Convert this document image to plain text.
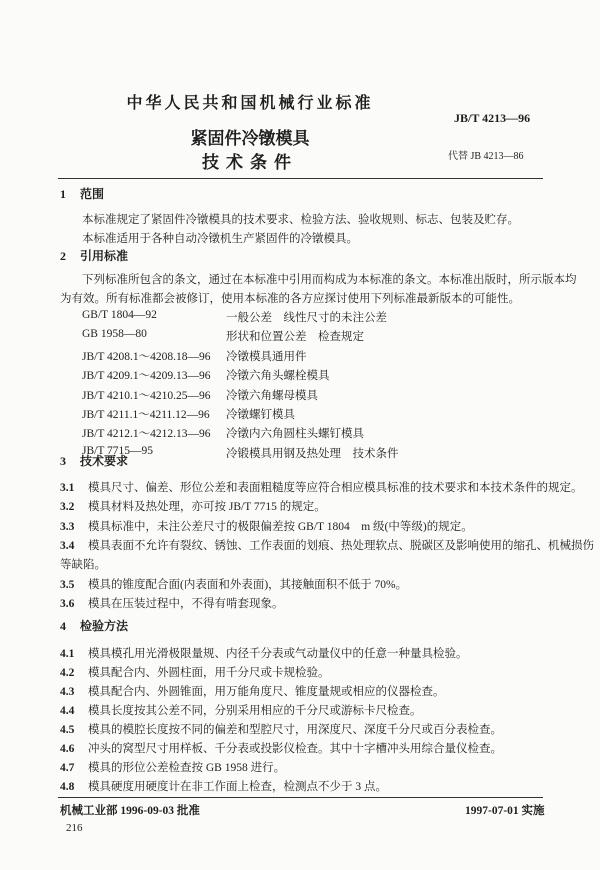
中华人民共和国机械行业标准
JB/T 4213—96
紧固件冷镦模具
技术条件	代替 JB 4213—86
1 范围
本标准规定了紧固件冷镦模具的技术要求、检验方法、验收规则、标志、包装及贮存。
本标准适用于各种自动冷镦机生产紧固件的冷镦模具。
2 引用标准
下列标准所包含的条文，通过在本标准中引用而构成为本标准的条文。本标准出版时，所示版本均
为有效。所有标准都会被修订，使用本标准的各方应探讨使用下列标准最新版本的可能性。
GB/T 1804—92	一般公差　线性尺寸的未注公差
GB 1958—80	形状和位置公差　检查规定
JB/T 4208.1～4208.18—96 冷镦模具通用件
JB/T 4209.1～4209.13—96 冷镦六角头螺栓模具
JB/T 4210.1～4210.25—96 冷镦六角螺母模具
JB/T 4211.1～4211.12—96 冷镦螺钉模具
JB/T 4212.1～4212.13—96 冷镦内六角圆柱头螺钉模具
JB/T 7715—95	冷锻模具用钢及热处理　技术条件
3 技术要求
3.1 模具尺寸、偏差、形位公差和表面粗糙度等应符合相应模具标准的技术要求和本技术条件的规定。
3.2 模具材料及热处理，亦可按 JB/T 7715 的规定。
3.3 模具标准中，未注公差尺寸的极限偏差按 GB/T 1804　m 级(中等级)的规定。
3.4 模具表面不允许有裂纹、锈蚀、工作表面的划痕、热处理软点、脱碳区及影响使用的缩孔、机械损伤
等缺陷。
3.5 模具的锥度配合面(内表面和外表面)，其接触面积不低于 70%。
3.6 模具在压装过程中，不得有啃套现象。
4 检验方法
4.1 模具模孔用光滑极限量规、内径千分表或气动量仪中的任意一种量具检验。
4.2 模具配合内、外圆柱面，用千分尺或卡规检验。
4.3 模具配合内、外圆锥面，用万能角度尺、锥度量规或相应的仪器检查。
4.4 模具长度按其公差不同，分别采用相应的千分尺或游标卡尺检查。
4.5 模具的模腔长度按不同的偏差和型腔尺寸，用深度尺、深度千分尺或百分表检查。
4.6 冲头的窝型尺寸用样板、千分表或投影仪检查。其中十字槽冲头用综合量仪检查。
4.7 模具的形位公差检查按 GB 1958 进行。
4.8 模具硬度用硬度计在非工作面上检查，检测点不少于 3 点。
机械工业部 1996-09-03 批准	1997-07-01 实施
216
